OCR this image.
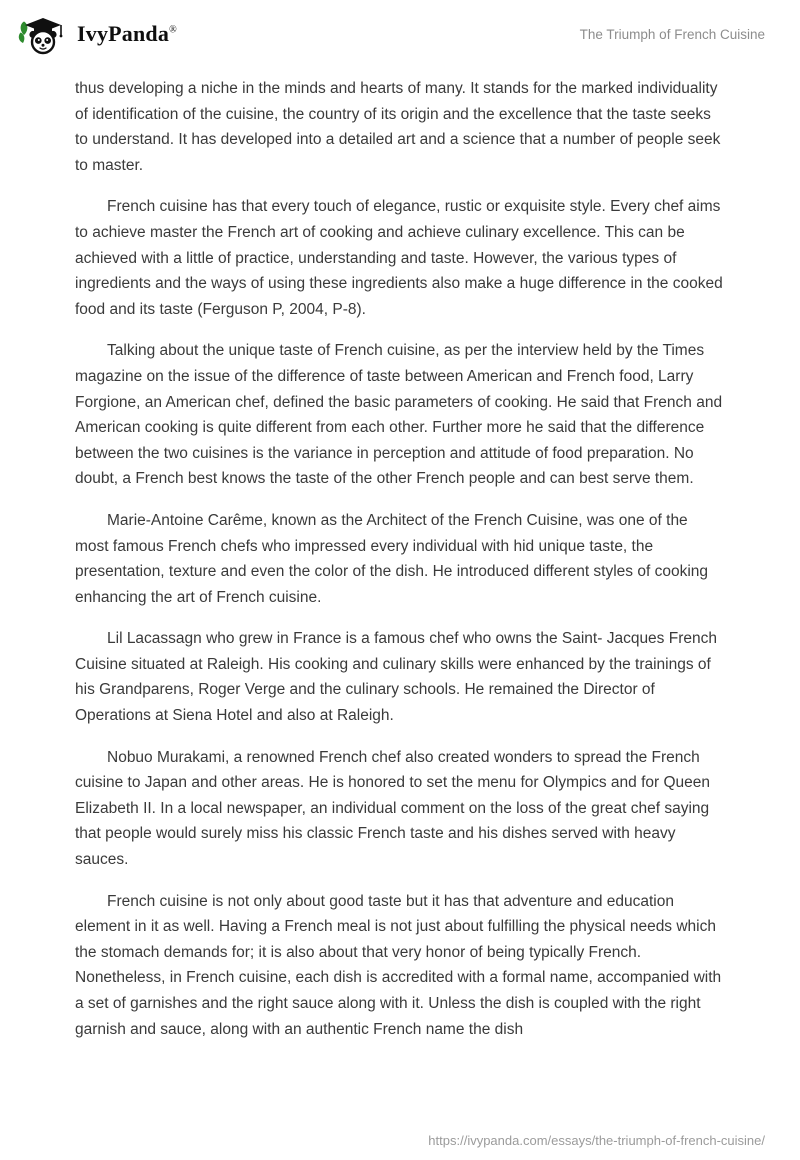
IvyPanda®	The Triumph of French Cuisine

thus developing a niche in the minds and hearts of many. It stands for the marked individuality of identification of the cuisine, the country of its origin and the excellence that the taste seeks to understand. It has developed into a detailed art and a science that a number of people seek to master.

French cuisine has that every touch of elegance, rustic or exquisite style. Every chef aims to achieve master the French art of cooking and achieve culinary excellence. This can be achieved with a little of practice, understanding and taste. However, the various types of ingredients and the ways of using these ingredients also make a huge difference in the cooked food and its taste (Ferguson P, 2004, P-8).

Talking about the unique taste of French cuisine, as per the interview held by the Times magazine on the issue of the difference of taste between American and French food, Larry Forgione, an American chef, defined the basic parameters of cooking. He said that French and American cooking is quite different from each other. Further more he said that the difference between the two cuisines is the variance in perception and attitude of food preparation. No doubt, a French best knows the taste of the other French people and can best serve them.

Marie-Antoine Carême, known as the Architect of the French Cuisine, was one of the most famous French chefs who impressed every individual with hid unique taste, the presentation, texture and even the color of the dish. He introduced different styles of cooking enhancing the art of French cuisine.

Lil Lacassagn who grew in France is a famous chef who owns the Saint- Jacques French Cuisine situated at Raleigh. His cooking and culinary skills were enhanced by the trainings of his Grandparens, Roger Verge and the culinary schools. He remained the Director of Operations at Siena Hotel and also at Raleigh.

Nobuo Murakami, a renowned French chef also created wonders to spread the French cuisine to Japan and other areas. He is honored to set the menu for Olympics and for Queen Elizabeth II. In a local newspaper, an individual comment on the loss of the great chef saying that people would surely miss his classic French taste and his dishes served with heavy sauces.

French cuisine is not only about good taste but it has that adventure and education element in it as well. Having a French meal is not just about fulfilling the physical needs which the stomach demands for; it is also about that very honor of being typically French. Nonetheless, in French cuisine, each dish is accredited with a formal name, accompanied with a set of garnishes and the right sauce along with it. Unless the dish is coupled with the right garnish and sauce, along with an authentic French name the dish

https://ivypanda.com/essays/the-triumph-of-french-cuisine/
